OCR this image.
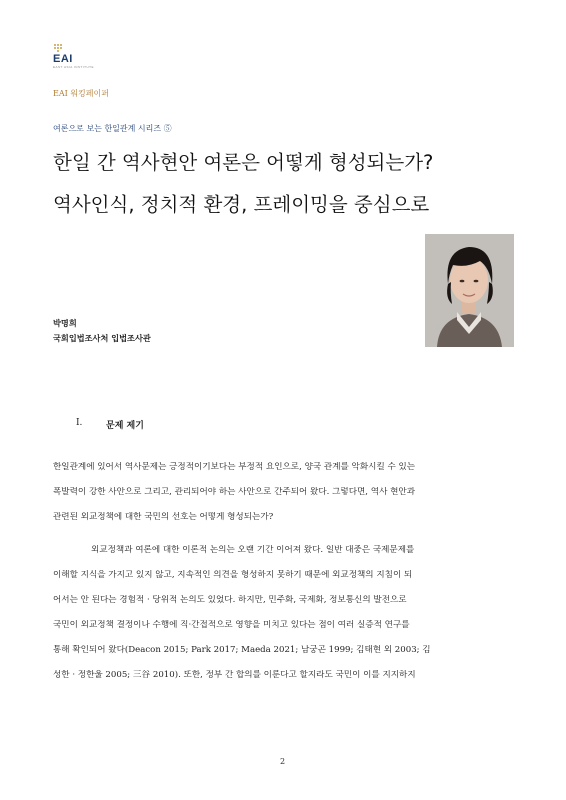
EAI
EAST ASIA INSTITUTE
EAI 워킹페이퍼
여론으로 보는 한일관계 시리즈 ⑤
한일 간 역사현안 여론은 어떻게 형성되는가?
역사인식, 정치적 환경, 프레이밍을 중심으로
박명희
국회입법조사처 입법조사관
I.	문제 제기
한일관계에 있어서 역사문제는 긍정적이기보다는 부정적 요인으로, 양국 관계를 악화시킬 수 있는
폭발력이 강한 사안으로 그리고, 관리되어야 하는 사안으로 간주되어 왔다. 그렇다면, 역사 현안과
관련된 외교정책에 대한 국민의 선호는 어떻게 형성되는가?
외교정책과 여론에 대한 이론적 논의는 오랜 기간 이어져 왔다. 일반 대중은 국제문제를
이해할 지식을 가지고 있지 않고, 지속적인 의견을 형성하지 못하기 때문에 외교정책의 지침이 되
어서는 안 된다는 경험적 · 당위적 논의도 있었다. 하지만, 민주화, 국제화, 정보통신의 발전으로
국민이 외교정책 결정이나 수행에 직·간접적으로 영향을 미치고 있다는 점이 여러 실증적 연구를
통해 확인되어 왔다(Deacon 2015; Park 2017; Maeda 2021; 남궁곤 1999; 김태현 외 2003; 김
성한 · 정한울 2005; 三谷 2010). 또한, 정부 간 합의를 이룬다고 할지라도 국민이 이를 지지하지
2
